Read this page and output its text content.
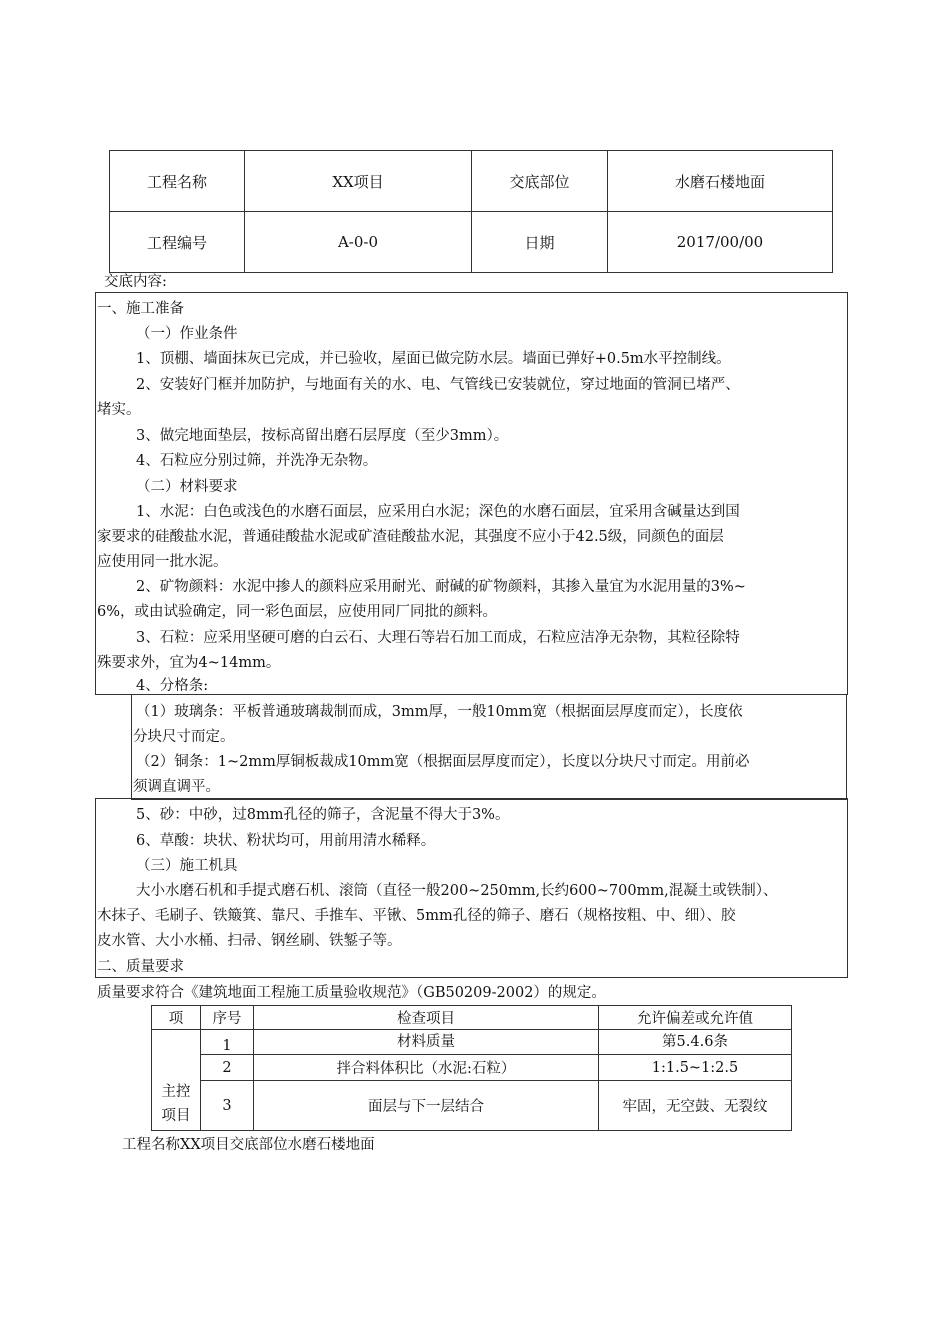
工程名称	XX项目	交底部位	水磨石楼地面
工程编号	A-0-0	日期	2017/00/00
交底内容:
一、施工准备
（一）作业条件
1、顶棚、墙面抹灰已完成，并已验收，屋面已做完防水层。墙面已弹好+0.5m水平控制线。
2、安装好门框并加防护，与地面有关的水、电、气管线已安装就位，穿过地面的管洞已堵严、
堵实。
3、做完地面垫层，按标高留出磨石层厚度（至少3mm）。
4、石粒应分别过筛，并洗净无杂物。
（二）材料要求
1、水泥：白色或浅色的水磨石面层，应采用白水泥；深色的水磨石面层，宜采用含碱量达到国
家要求的硅酸盐水泥，普通硅酸盐水泥或矿渣硅酸盐水泥，其强度不应小于42.5级，同颜色的面层
应使用同一批水泥。
2、矿物颜料：水泥中掺人的颜料应采用耐光、耐碱的矿物颜料，其掺入量宜为水泥用量的3%~
6%，或由试验确定，同一彩色面层，应使用同厂同批的颜料。
3、石粒：应采用坚硬可磨的白云石、大理石等岩石加工而成，石粒应洁净无杂物，其粒径除特
殊要求外，宜为4~14mm。
4、分格条:
（1）玻璃条：平板普通玻璃裁制而成，3mm厚，一般10mm宽（根据面层厚度而定），长度依
分块尺寸而定。
（2）铜条：1~2mm厚铜板裁成10mm宽（根据面层厚度而定），长度以分块尺寸而定。用前必
须调直调平。
5、砂：中砂，过8mm孔径的筛子，含泥量不得大于3%。
6、草酸：块状、粉状均可，用前用清水稀释。
（三）施工机具
大小水磨石机和手提式磨石机、滚筒（直径一般200~250mm,长约600~700mm,混凝土或铁制）、
木抹子、毛刷子、铁簸箕、靠尺、手推车、平锹、5mm孔径的筛子、磨石（规格按粗、中、细）、胶
皮水管、大小水桶、扫帚、钢丝刷、铁錾子等。
二、质量要求
质量要求符合《建筑地面工程施工质量验收规范》（GB50209-2002）的规定。
项	序号	检查项目	允许偏差或允许值

主控
项目	1	材料质量	第5.4.6条
	2	拌合料体积比（水泥:石粒）	1:1.5~1:2.5
	3	面层与下一层结合	牢固，无空鼓、无裂纹
工程名称XX项目交底部位水磨石楼地面
